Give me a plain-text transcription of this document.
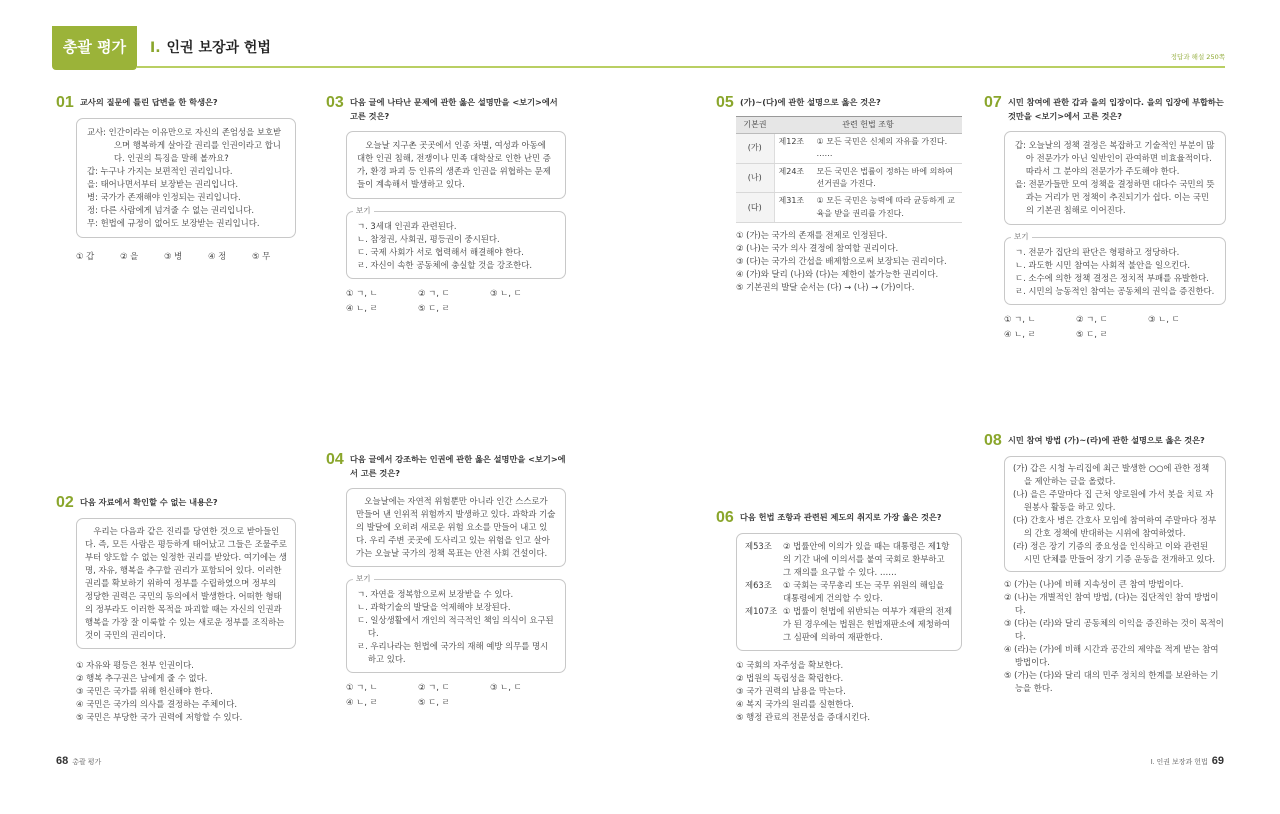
총괄 평가 I. 인권 보장과 헌법
01 교사의 질문에 틀린 답변을 한 학생은?
교사: 인간이라는 이유만으로 자신의 존엄성을 보호받으며 행복하게 살아갈 권리를 인권이라고 합니다. 인권의 특징을 말해 볼까요?
갑: 누구나 가지는 보편적인 권리입니다.
을: 태어나면서부터 보장받는 권리입니다.
병: 국가가 존재해야 인정되는 권리입니다.
정: 다른 사람에게 넘겨줄 수 없는 권리입니다.
무: 헌법에 규정이 없어도 보장받는 권리입니다.
① 갑	② 을	③ 병	④ 정	⑤ 무
02 다음 자료에서 확인할 수 없는 내용은?

우리는 다음과 같은 진리를 당연한 것으로 받아들인다. 즉, 모든 사람은 평등하게 태어났고 그들은 조물주로부터 양도할 수 없는 일정한 권리를 받았다. 여기에는 생명, 자유, 행복을 추구할 권리가 포함되어 있다. 이러한 권리를 확보하기 위하여 정부를 수립하였으며 정부의 정당한 권력은 국민의 동의에서 발생한다. 어떠한 형태의 정부라도 이러한 목적을 파괴할 때는 자신의 인권과 행복을 가장 잘 이룩할 수 있는 새로운 정부를 조직하는 것이 국민의 권리이다.

① 자유와 평등은 천부 인권이다.
② 행복 추구권은 남에게 줄 수 없다.
③ 국민은 국가를 위해 헌신해야 한다.
④ 국민은 국가의 의사를 결정하는 주체이다.
⑤ 국민은 부당한 국가 권력에 저항할 수 있다.
03 다음 글에 나타난 문제에 관한 옳은 설명만을 <보기>에서 고른 것은?

오늘날 지구촌 곳곳에서 인종 차별, 여성과 아동에 대한 인권 침해, 전쟁이나 민족 대학살로 인한 난민 증가, 환경 파괴 등 인류의 생존과 인권을 위협하는 문제들이 계속해서 발생하고 있다.

보기
ㄱ. 3세대 인권과 관련된다.
ㄴ. 참정권, 사회권, 평등권이 중시된다.
ㄷ. 국제 사회가 서로 협력해서 해결해야 한다.
ㄹ. 자신이 속한 공동체에 충실할 것을 강조한다.
① ㄱ, ㄴ	② ㄱ, ㄷ	③ ㄴ, ㄷ
④ ㄴ, ㄹ	⑤ ㄷ, ㄹ
04 다음 글에서 강조하는 인권에 관한 옳은 설명만을 <보기>에서 고른 것은?

오늘날에는 자연적 위험뿐만 아니라 인간 스스로가 만들어 낸 인위적 위험까지 발생하고 있다. 과학과 기술의 발달에 오히려 새로운 위험 요소를 만들어 내고 있다. 우리 주변 곳곳에 도사리고 있는 위험을 인고 살아가는 오늘날 국가의 정책 목표는 안전 사회 건설이다.

보기
ㄱ. 자연을 정복함으로써 보장받을 수 있다.
ㄴ. 과학기술의 발달을 억제해야 보장된다.
ㄷ. 일상생활에서 개인의 적극적인 책임 의식이 요구된다.
ㄹ. 우리나라는 헌법에 국가의 재해 예방 의무를 명시하고 있다.
① ㄱ, ㄴ	② ㄱ, ㄷ	③ ㄴ, ㄷ
④ ㄴ, ㄹ	⑤ ㄷ, ㄹ
68 총괄 평가
정답과 해설 250쪽
05 (가)~(다)에 관한 설명으로 옳은 것은?
기본권	관련 헌법 조항
(가)	제12조 ① 모든 국민은 신체의 자유를 가진다. ……

(나)	제24조 모든 국민은 법률이 정하는 바에 의하여 선거권을 가진다.

(다)	제31조 ① 모든 국민은 능력에 따라 균등하게 교육을 받을 권리를 가진다.
① (가)는 국가의 존재를 전제로 인정된다.
② (나)는 국가 의사 결정에 참여할 권리이다.
③ (다)는 국가의 간섭을 배제함으로써 보장되는 권리이다.
④ (가)와 달리 (나)와 (다)는 제한이 불가능한 권리이다.
⑤ 기본권의 발달 순서는 (다) → (나) → (가)이다.
06 다음 헌법 조항과 관련된 제도의 취지로 가장 옳은 것은?
제53조	② 법률안에 이의가 있을 때는 대통령은 제1항의 기간 내에 이의서를 붙여 국회로 환부하고 그 재의를 요구할 수 있다. ……
제63조	① 국회는 국무총리 또는 국무 위원의 해임을 대통령에게 건의할 수 있다.
제107조 ① 법률이 헌법에 위반되는 여부가 재판의 전제가 된 경우에는 법원은 헌법재판소에 제청하여 그 심판에 의하여 재판한다.
① 국회의 자주성을 확보한다.
② 법원의 독립성을 확립한다.
③ 국가 권력의 남용을 막는다.
④ 복지 국가의 원리를 실현한다.
⑤ 행정 관료의 전문성을 증대시킨다.
07 시민 참여에 관한 갑과 을의 입장이다. 을의 입장에 부합하는 것만을 <보기>에서 고른 것은?
갑: 오늘날의 정책 결정은 복잡하고 기술적인 부분이 많아 전문가가 아닌 일반인이 관여하면 비효율적이다. 따라서 그 분야의 전문가가 주도해야 한다.
을: 전문가들만 모여 정책을 결정하면 대다수 국민의 뜻과는 거리가 먼 정책이 추진되기가 쉽다. 이는 국민의 기본권 침해로 이어진다.
보기
ㄱ. 전문가 집단의 판단은 형평하고 정당하다.
ㄴ. 과도한 시민 참여는 사회적 불안을 일으킨다.
ㄷ. 소수에 의한 정책 결정은 정치적 부패를 유발한다.
ㄹ. 시민의 능동적인 참여는 공동체의 권익을 증진한다.
① ㄱ, ㄴ	② ㄱ, ㄷ	③ ㄴ, ㄷ
④ ㄴ, ㄹ	⑤ ㄷ, ㄹ
08 시민 참여 방법 (가)~(라)에 관한 설명으로 옳은 것은?
(가) 갑은 시청 누리집에 최근 발생한 ○○에 관한 정책을 제안하는 글을 올렸다.
(나) 을은 주말마다 집 근처 양로원에 가서 봇을 치료 자원봉사 활동을 하고 있다.
(다) 간호사 병은 간호사 모임에 참여하여 주말마다 정부의 간호 정책에 반대하는 시위에 참여하였다.
(라) 정은 장기 기증의 중요성을 인식하고 이와 관련된 시민 단체를 만들어 장기 기증 운동을 전개하고 있다.
① (가)는 (나)에 비해 지속성이 큰 참여 방법이다.
② (나)는 개별적인 참여 방법, (다)는 집단적인 참여 방법이다.
③ (다)는 (라)와 달리 공동체의 이익을 증진하는 것이 목적이다.
④ (라)는 (가)에 비해 시간과 공간의 제약을 적게 받는 참여 방법이다.
⑤ (가)는 (다)와 달리 대의 민주 정치의 한계를 보완하는 기능을 한다.
I. 인권 보장과 헌법 69
